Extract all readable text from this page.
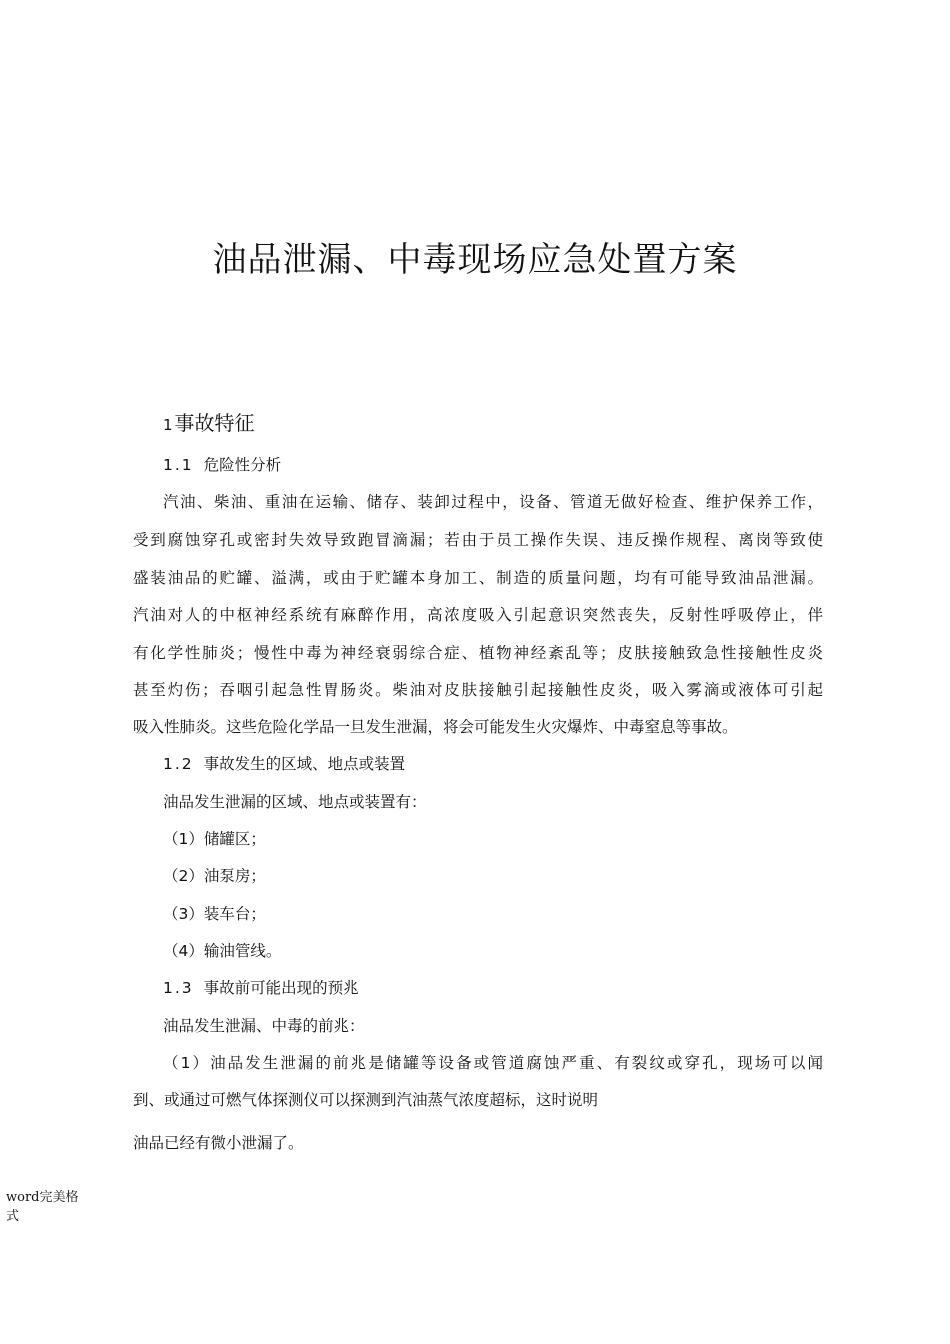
油品泄漏、中毒现场应急处置方案
1 事故特征

1.1 危险性分析

汽油、柴油、重油在运输、储存、装卸过程中，设备、管道无做好检查、维护保养工作，

受到腐蚀穿孔或密封失效导致跑冒滴漏；若由于员工操作失误、违反操作规程、离岗等致使

盛装油品的贮罐、溢满，或由于贮罐本身加工、制造的质量问题，均有可能导致油品泄漏。

汽油对人的中枢神经系统有麻醉作用，高浓度吸入引起意识突然丧失，反射性呼吸停止，伴

有化学性肺炎；慢性中毒为神经衰弱综合症、植物神经紊乱等；皮肤接触致急性接触性皮炎

甚至灼伤；吞咽引起急性胃肠炎。柴油对皮肤接触引起接触性皮炎，吸入雾滴或液体可引起

吸入性肺炎。这些危险化学品一旦发生泄漏，将会可能发生火灾爆炸、中毒窒息等事故。

1.2 事故发生的区域、地点或装置

油品发生泄漏的区域、地点或装置有：

（1）储罐区；

（2）油泵房；

（3）装车台；

（4）输油管线。

1.3 事故前可能出现的预兆

油品发生泄漏、中毒的前兆：

（1）油品发生泄漏的前兆是储罐等设备或管道腐蚀严重、有裂纹或穿孔，现场可以闻

到、或通过可燃气体探测仪可以探测到汽油蒸气浓度超标，这时说明

油品已经有微小泄漏了。

word完美格式
